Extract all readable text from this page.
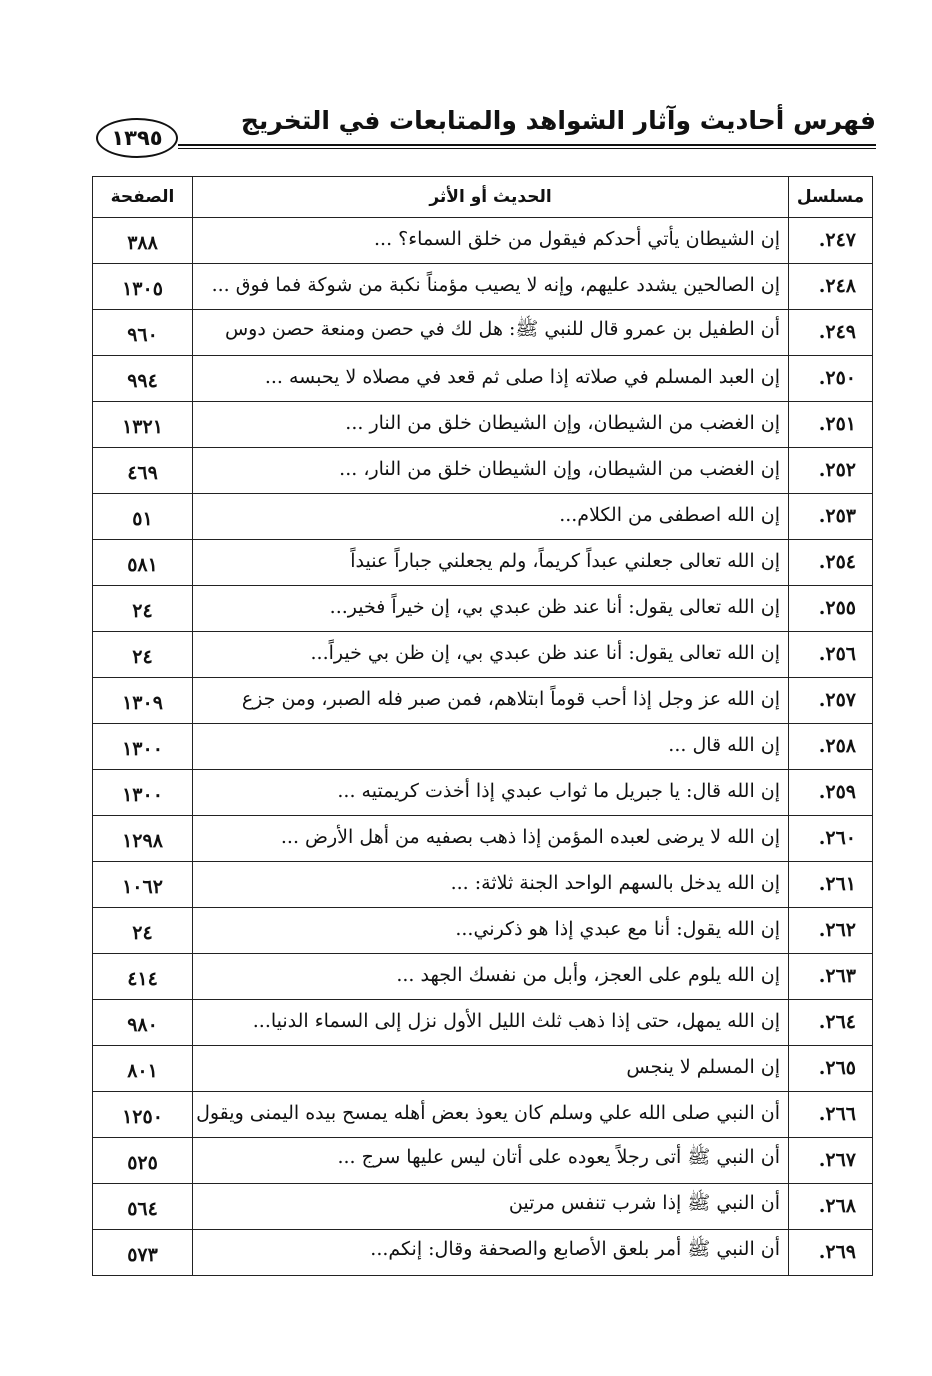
فهرس أحاديث وآثار الشواهد والمتابعات في التخريج
١٣٩٥
مسلسل	الحديث أو الأثر	الصفحة
٢٤٧.	إن الشيطان يأتي أحدكم فيقول من خلق السماء؟ ...	٣٨٨
٢٤٨.	إن الصالحين يشدد عليهم، وإنه لا يصيب مؤمناً نكبة من شوكة فما فوق ...	١٣٠٥
٢٤٩.	أن الطفيل بن عمرو قال للنبي ﷺ: هل لك في حصن ومنعة حصن دوس	٩٦٠
٢٥٠.	إن العبد المسلم في صلاته إذا صلى ثم قعد في مصلاه لا يحبسه ...	٩٩٤
٢٥١.	إن الغضب من الشيطان، وإن الشيطان خلق من النار ...	١٣٢١
٢٥٢.	إن الغضب من الشيطان، وإن الشيطان خلق من النار، ...	٤٦٩
٢٥٣.	إن الله اصطفى من الكلام...	٥١
٢٥٤.	إن الله تعالى جعلني عبداً كريماً، ولم يجعلني جباراً عنيداً	٥٨١
٢٥٥.	إن الله تعالى يقول: أنا عند ظن عبدي بي، إن خيراً فخير...	٢٤
٢٥٦.	إن الله تعالى يقول: أنا عند ظن عبدي بي، إن ظن بي خيراً...	٢٤
٢٥٧.	إن الله عز وجل إذا أحب قوماً ابتلاهم، فمن صبر فله الصبر، ومن جزع	١٣٠٩
٢٥٨.	إن الله قال ...	١٣٠٠
٢٥٩.	إن الله قال: يا جبريل ما ثواب عبدي إذا أخذت كريمتيه ...	١٣٠٠
٢٦٠.	إن الله لا يرضى لعبده المؤمن إذا ذهب بصفيه من أهل الأرض ...	١٢٩٨
٢٦١.	إن الله يدخل بالسهم الواحد الجنة ثلاثة: ...	١٠٦٢
٢٦٢.	إن الله يقول: أنا مع عبدي إذا هو ذكرني...	٢٤
٢٦٣.	إن الله يلوم على العجز، وأبل من نفسك الجهد ...	٤١٤
٢٦٤.	إن الله يمهل، حتى إذا ذهب ثلث الليل الأول نزل إلى السماء الدنيا...	٩٨٠
٢٦٥.	إن المسلم لا ينجس	٨٠١
٢٦٦.	أن النبي صلى الله علي وسلم كان يعوذ بعض أهله يمسح بيده اليمنى ويقول	١٢٥٠
٢٦٧.	أن النبي ﷺ أتى رجلاً يعوده على أتان ليس عليها سرج ...	٥٢٥
٢٦٨.	أن النبي ﷺ إذا شرب تنفس مرتين	٥٦٤
٢٦٩.	أن النبي ﷺ أمر بلعق الأصابع والصحفة وقال: إنكم...	٥٧٣
